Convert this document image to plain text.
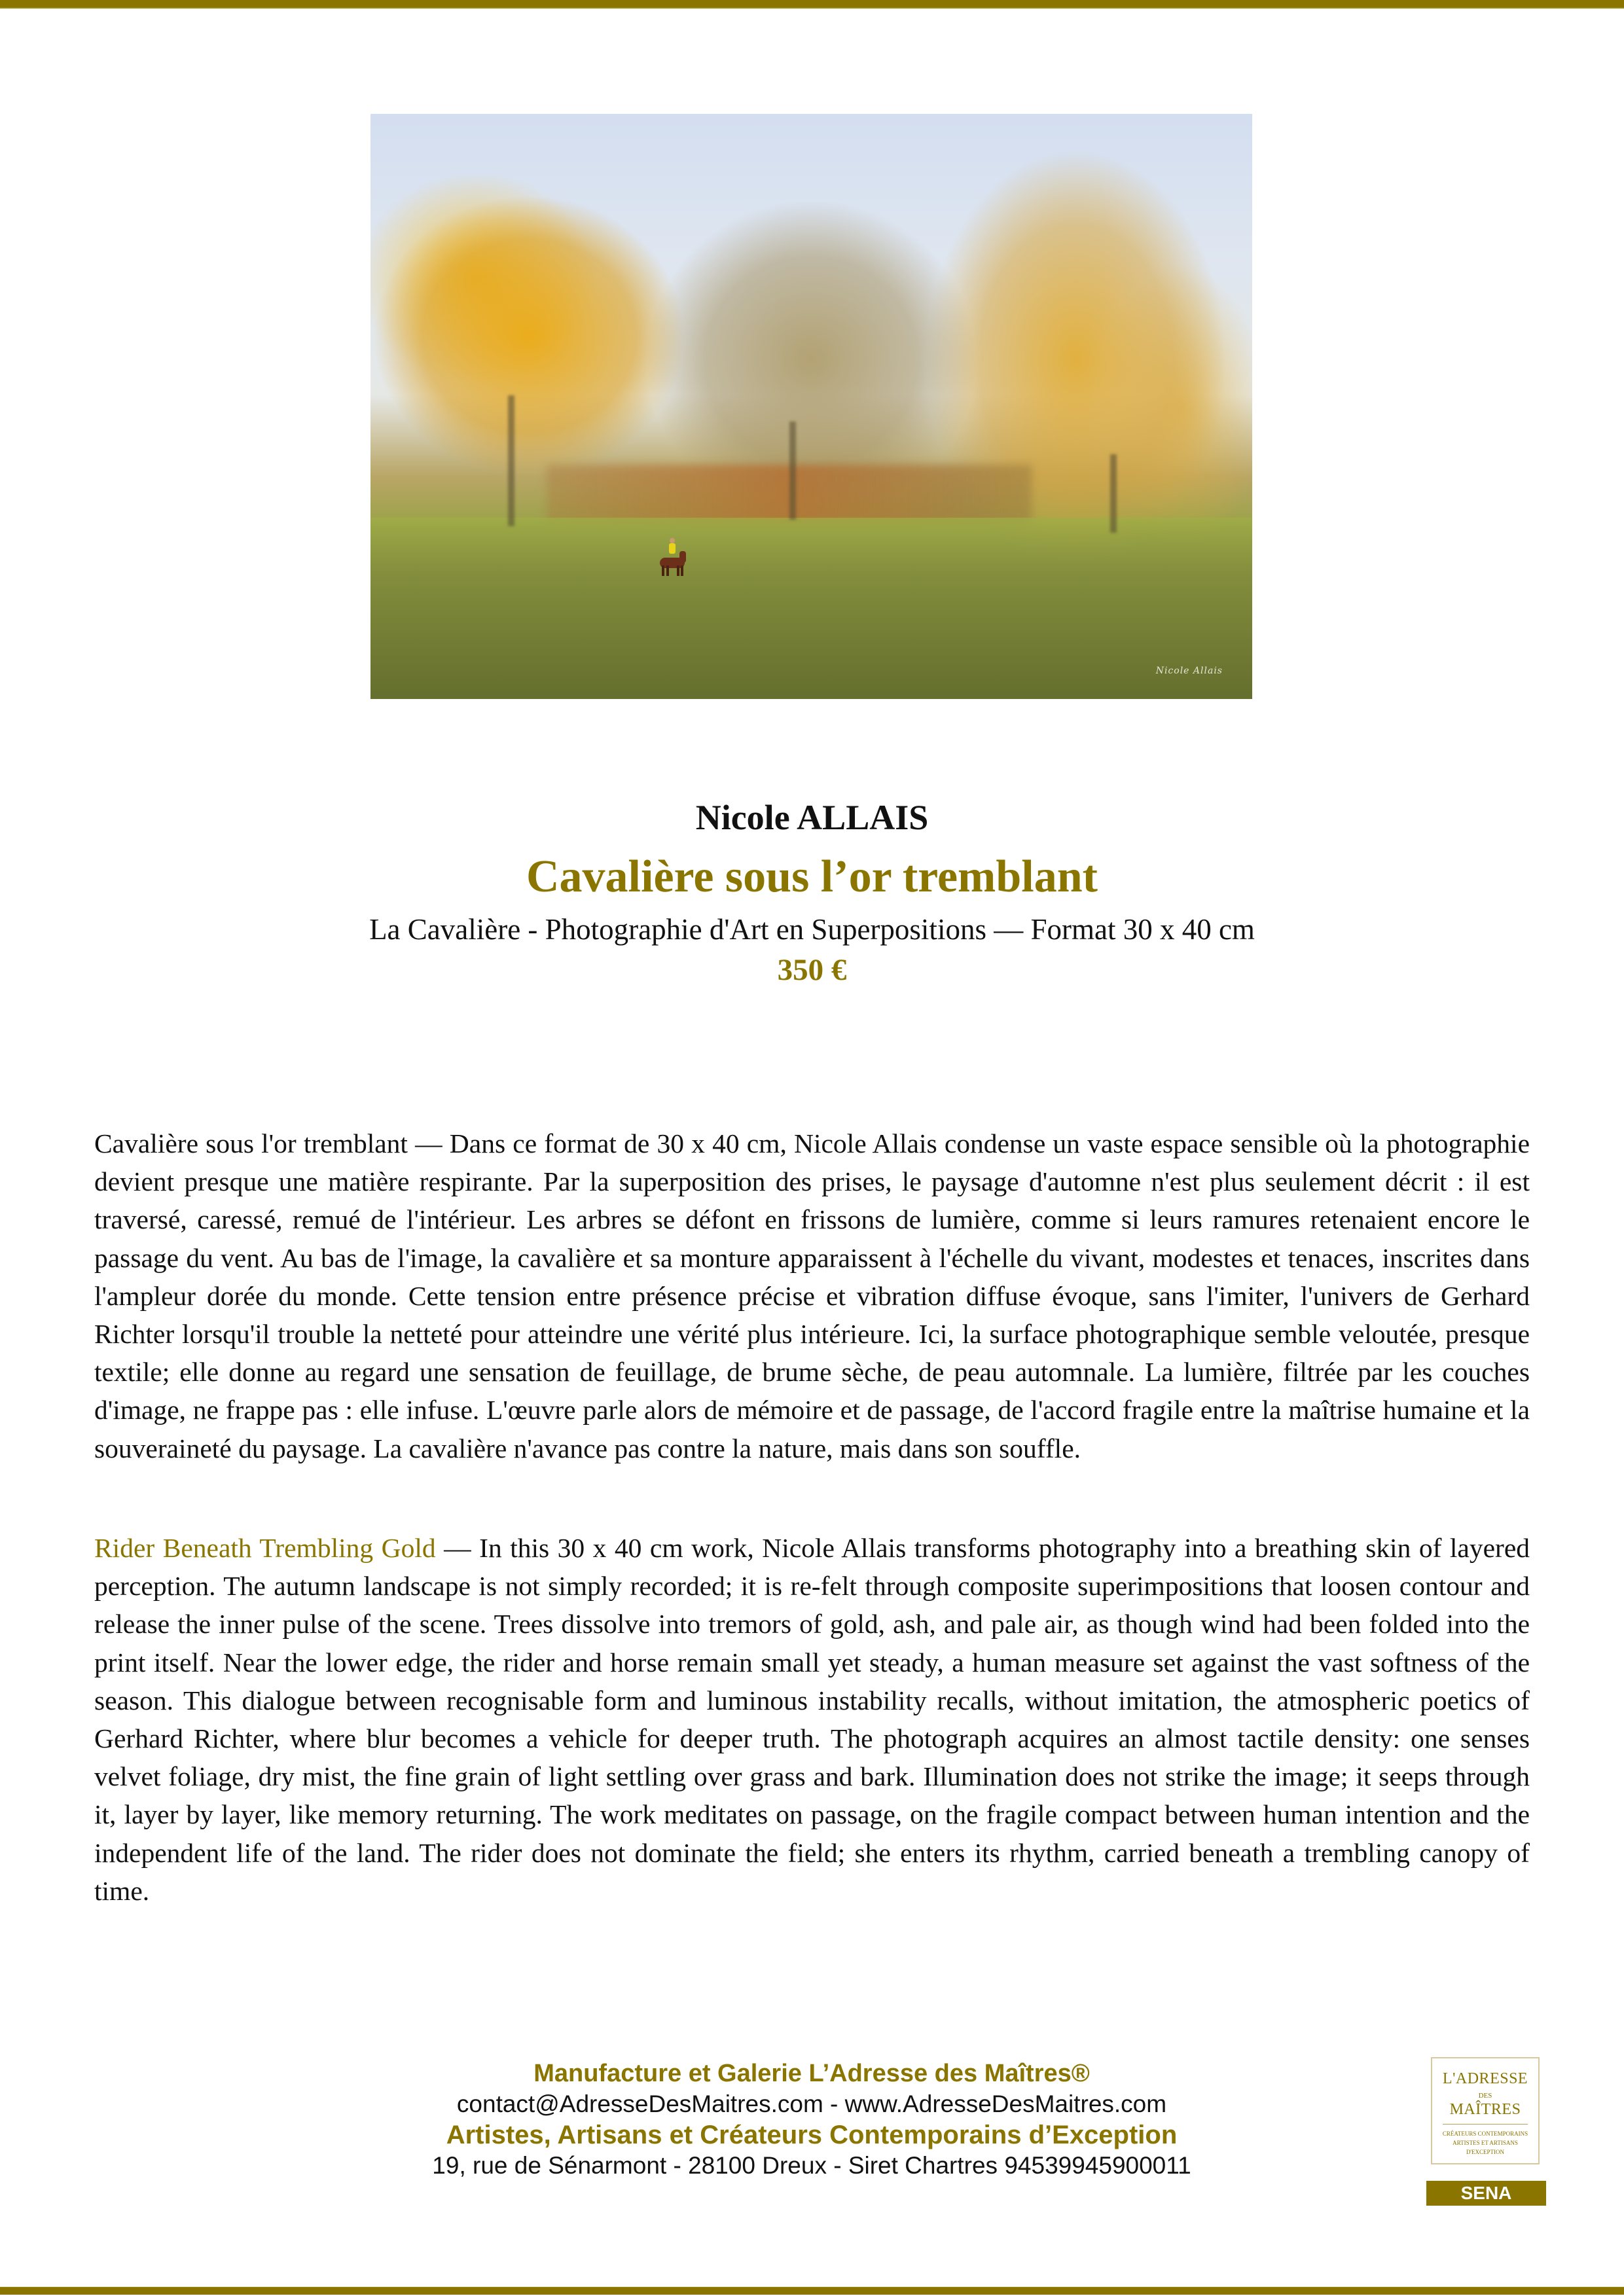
Nicole Allais
Nicole ALLAIS
Cavalière sous l’or tremblant
La Cavalière - Photographie d'Art en Superpositions — Format 30 x 40 cm
350 €

Cavalière sous l'or tremblant — Dans ce format de 30 x 40 cm, Nicole Allais condense un vaste espace sensible où la photographie devient presque une matière respirante. Par la superposition des prises, le paysage d'automne n'est plus seulement décrit : il est traversé, caressé, remué de l'intérieur. Les arbres se défont en frissons de lumière, comme si leurs ramures retenaient encore le passage du vent. Au bas de l'image, la cavalière et sa monture apparaissent à l'échelle du vivant, modestes et tenaces, inscrites dans l'ampleur dorée du monde. Cette tension entre présence précise et vibration diffuse évoque, sans l'imiter, l'univers de Gerhard Richter lorsqu'il trouble la netteté pour atteindre une vérité plus intérieure. Ici, la surface photographique semble veloutée, presque textile; elle donne au regard une sensation de feuillage, de brume sèche, de peau automnale. La lumière, filtrée par les couches d'image, ne frappe pas : elle infuse. L'œuvre parle alors de mémoire et de passage, de l'accord fragile entre la maîtrise humaine et la souveraineté du paysage. La cavalière n'avance pas contre la nature, mais dans son souffle.

Rider Beneath Trembling Gold — In this 30 x 40 cm work, Nicole Allais transforms photography into a breathing skin of layered perception. The autumn landscape is not simply recorded; it is re-felt through composite superimpositions that loosen contour and release the inner pulse of the scene. Trees dissolve into tremors of gold, ash, and pale air, as though wind had been folded into the print itself. Near the lower edge, the rider and horse remain small yet steady, a human measure set against the vast softness of the season. This dialogue between recognisable form and luminous instability recalls, without imitation, the atmospheric poetics of Gerhard Richter, where blur becomes a vehicle for deeper truth. The photograph acquires an almost tactile density: one senses velvet foliage, dry mist, the fine grain of light settling over grass and bark. Illumination does not strike the image; it seeps through it, layer by layer, like memory returning. The work meditates on passage, on the fragile compact between human intention and the independent life of the land. The rider does not dominate the field; she enters its rhythm, carried beneath a trembling canopy of time.

Manufacture et Galerie L’Adresse des Maîtres®
contact@AdresseDesMaitres.com - www.AdresseDesMaitres.com
Artistes, Artisans et Créateurs Contemporains d’Exception
19, rue de Sénarmont - 28100 Dreux - Siret Chartres 94539945900011
L'ADRESSE
DES
MAÎTRES
CRÉATEURS CONTEMPORAINS
ARTISTES ET ARTISANS
D'EXCEPTION
SENA
